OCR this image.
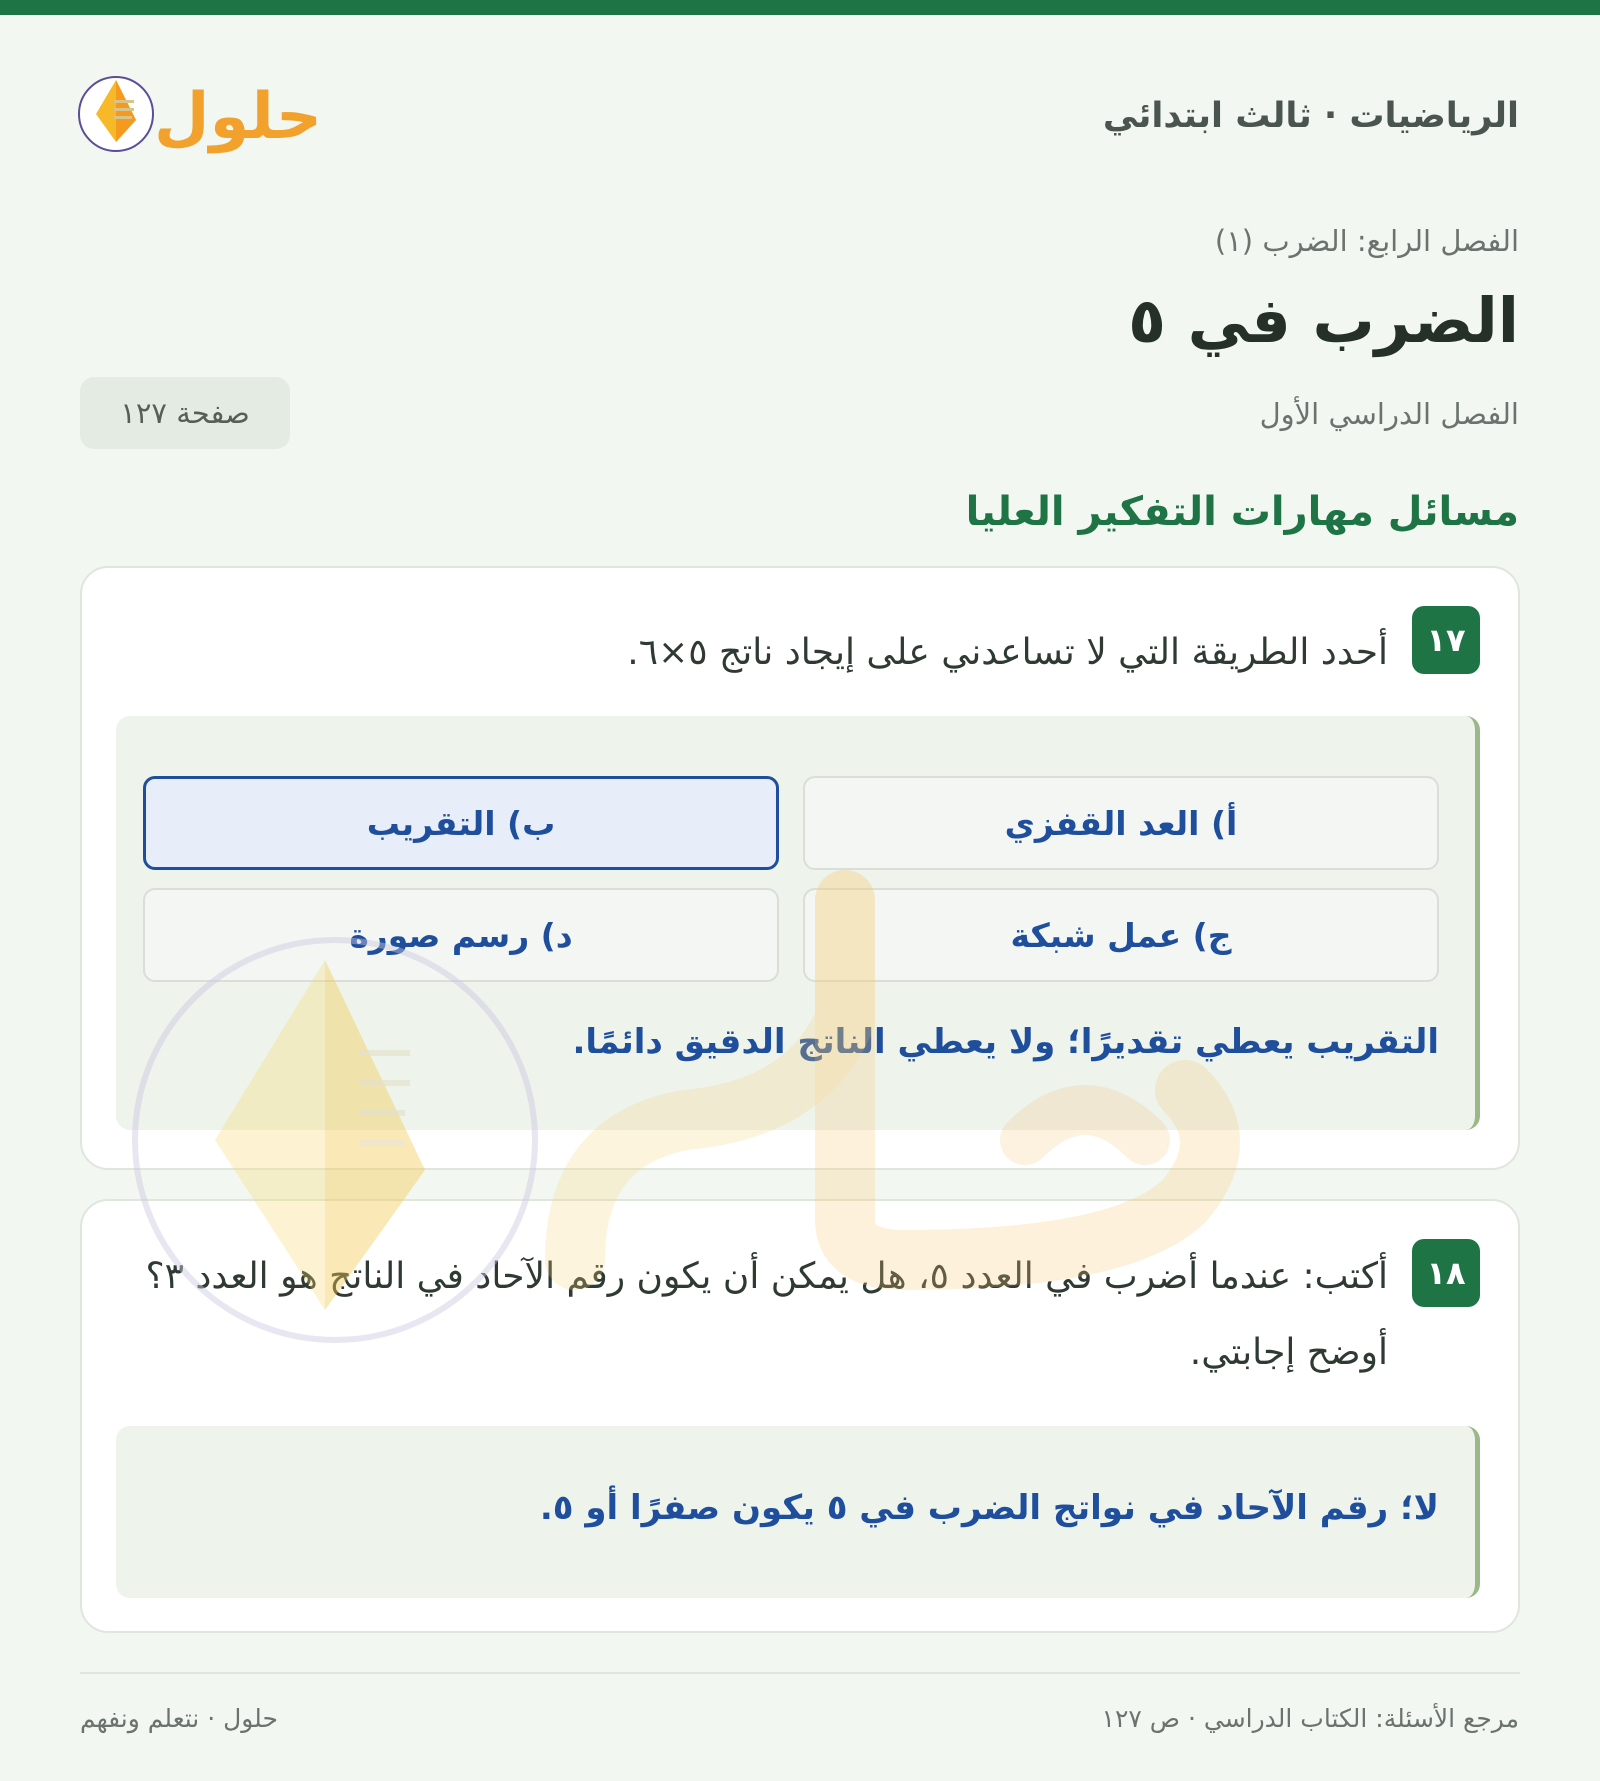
الرياضيات · ثالث ابتدائي
حلول
الفصل الرابع: الضرب (١)
الضرب في ٥
الفصل الدراسي الأول
صفحة ١٢٧
مسائل مهارات التفكير العليا
١٧
أحدد الطريقة التي لا تساعدني على إيجاد ناتج ٥×٦.
أ) العد القفزي
ب) التقريب
ج) عمل شبكة
د) رسم صورة
التقريب يعطي تقديرًا؛ ولا يعطي الناتج الدقيق دائمًا.
١٨
أكتب: عندما أضرب في العدد ٥، هل يمكن أن يكون رقم الآحاد في الناتج هو العدد ٣؟ أوضح إجابتي.
لا؛ رقم الآحاد في نواتج الضرب في ٥ يكون صفرًا أو ٥.
مرجع الأسئلة: الكتاب الدراسي · ص ١٢٧
حلول · نتعلم ونفهم
